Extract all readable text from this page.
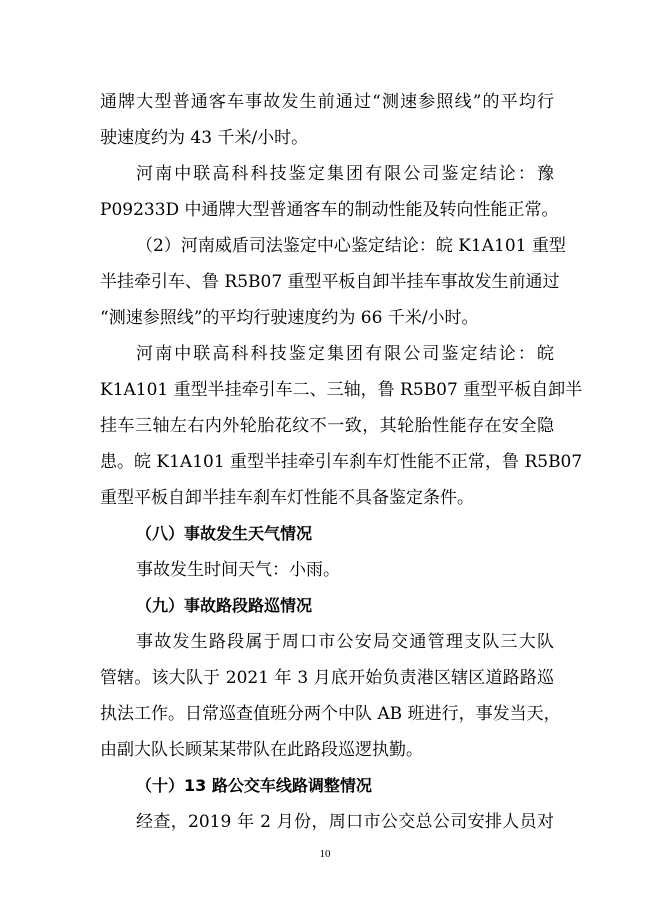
通牌大型普通客车事故发生前通过“测速参照线”的平均行
驶速度约为 43 千米/小时。
河南中联高科科技鉴定集团有限公司鉴定结论：豫
P09233D 中通牌大型普通客车的制动性能及转向性能正常。
（2）河南威盾司法鉴定中心鉴定结论：皖 K1A101 重型
半挂牵引车、鲁 R5B07 重型平板自卸半挂车事故发生前通过
“测速参照线”的平均行驶速度约为 66 千米/小时。
河南中联高科科技鉴定集团有限公司鉴定结论：皖
K1A101 重型半挂牵引车二、三轴，鲁 R5B07 重型平板自卸半
挂车三轴左右内外轮胎花纹不一致，其轮胎性能存在安全隐
患。皖 K1A101 重型半挂牵引车刹车灯性能不正常，鲁 R5B07
重型平板自卸半挂车刹车灯性能不具备鉴定条件。
（八）事故发生天气情况
事故发生时间天气：小雨。
（九）事故路段路巡情况
事故发生路段属于周口市公安局交通管理支队三大队
管辖。该大队于 2021 年 3 月底开始负责港区辖区道路路巡
执法工作。日常巡查值班分两个中队 AB 班进行，事发当天，
由副大队长顾某某带队在此路段巡逻执勤。
（十）13 路公交车线路调整情况
经查，2019 年 2 月份，周口市公交总公司安排人员对
10
